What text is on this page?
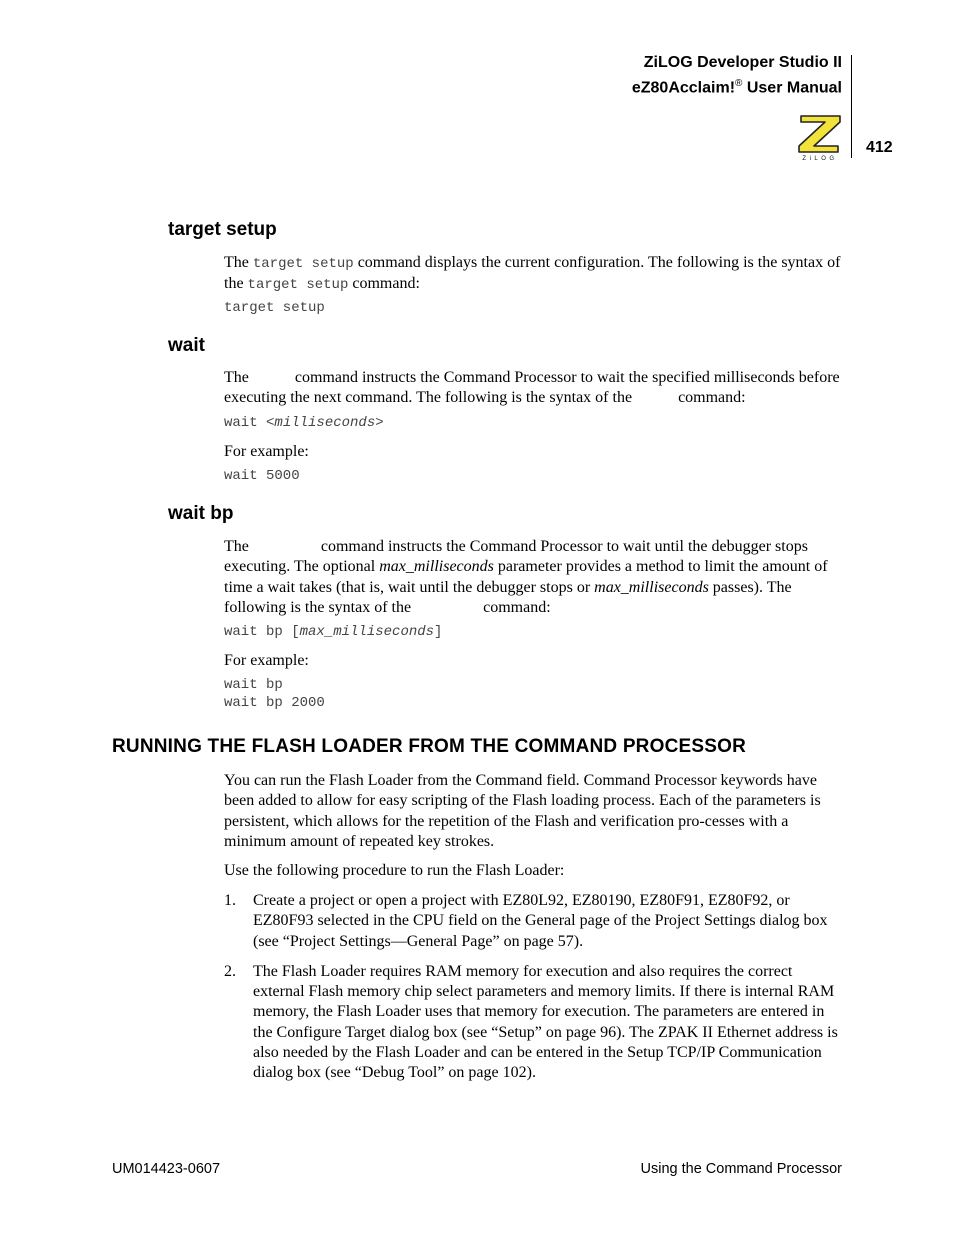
ZiLOG Developer Studio II
eZ80Acclaim!® User Manual
ZiLOG
412
target setup
The target setup command displays the current configuration. The following is the syntax of the target setup command:
target setup
wait
The  command instructs the Command Processor to wait the specified milliseconds before executing the next command. The following is the syntax of the  command:
wait <milliseconds>
For example:
wait 5000
wait bp
The	command instructs the Command Processor to wait until the debugger stops executing. The optional max_milliseconds parameter provides a method to limit the amount of time a wait takes (that is, wait until the debugger stops or max_milliseconds passes). The following is the syntax of the	command:
wait bp [max_milliseconds]
For example:
wait bp
wait bp 2000
RUNNING THE FLASH LOADER FROM THE COMMAND PROCESSOR
You can run the Flash Loader from the Command field. Command Processor keywords have been added to allow for easy scripting of the Flash loading process. Each of the parameters is persistent, which allows for the repetition of the Flash and verification pro-cesses with a minimum amount of repeated key strokes.
Use the following procedure to run the Flash Loader:
1. Create a project or open a project with EZ80L92, EZ80190, EZ80F91, EZ80F92, or EZ80F93 selected in the CPU field on the General page of the Project Settings dialog box (see “Project Settings—General Page” on page 57).
2. The Flash Loader requires RAM memory for execution and also requires the correct external Flash memory chip select parameters and memory limits. If there is internal RAM memory, the Flash Loader uses that memory for execution. The parameters are entered in the Configure Target dialog box (see “Setup” on page 96). The ZPAK II Ethernet address is also needed by the Flash Loader and can be entered in the Setup TCP/IP Communication dialog box (see “Debug Tool” on page 102).
UM014423-0607	Using the Command Processor
